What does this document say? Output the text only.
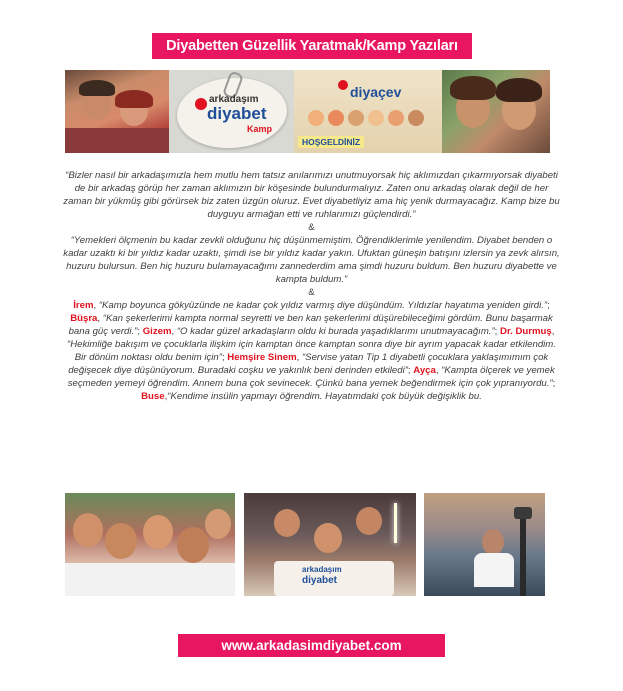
Diyabetten Güzellik Yaratmak/Kamp Yazıları
arkadaşım
diyabet
Kamp
diyaçev
HOŞGELDİNİZ

“Bizler nasıl bir arkadaşımızla hem mutlu hem tatsız anılarımızı unutmuyorsak hiç aklımızdan çıkarmıyorsak diyabeti de bir arkadaş görüp her zaman aklımızın bir köşesinde bulundurmalıyız. Zaten onu arkadaş olarak değil de her zaman bir yükmüş gibi görürsek biz zaten üzgün oluruz. Evet diyabetliyiz ama hiç yenik durmayacağız. Kamp bize bu duyguyu armağan etti ve ruhlarımızı güçlendirdi.”

&

“Yemekleri ölçmenin bu kadar zevkli olduğunu hiç düşünmemiştim. Öğrendiklerimle yenilendim. Diyabet benden o kadar uzaktı ki bir yıldız kadar uzaktı, şimdi ise bir yıldız kadar yakın. Ufuktan güneşin batışını izlersin ya zevk alırsın, huzuru bulursun. Ben hiç huzuru bulamayacağımı zannederdim ama şimdi huzuru buldum. Ben huzuru diyabette ve kampta buldum.”

&

İrem, “Kamp boyunca gökyüzünde ne kadar çok yıldız varmış diye düşündüm. Yıldızlar hayatıma yeniden girdi.”; Büşra, “Kan şekerlerimi kampta normal seyretti ve ben kan şekerlerimi düşürebileceğimi gördüm. Bunu başarmak bana güç verdi.”; Gizem, “O kadar güzel arkadaşların oldu ki burada yaşadıklarımı unutmayacağım.”; Dr. Durmuş, “Hekimliğe bakışım ve çocuklarla ilişkim için kamptan önce kamptan sonra diye bir ayrım yapacak kadar etkilendim. Bir dönüm noktası oldu benim için”; Hemşire Sinem, “Servise yatan Tip 1 diyabetli çocuklara yaklaşımımım çok değişecek diye düşünüyorum. Buradaki coşku ve yakınlık beni derinden etkiledi”; Ayça, “Kampta ölçerek ve yemek seçmeden yemeyi öğrendim. Annem buna çok sevinecek. Çünkü bana yemek beğendirmek için çok yıpranıyordu.”; Buse,“Kendime insülin yapmayı öğrendim. Hayatımdaki çok büyük değişiklik bu.

arkadaşım
diyabet
www.arkadasimdiyabet.com
